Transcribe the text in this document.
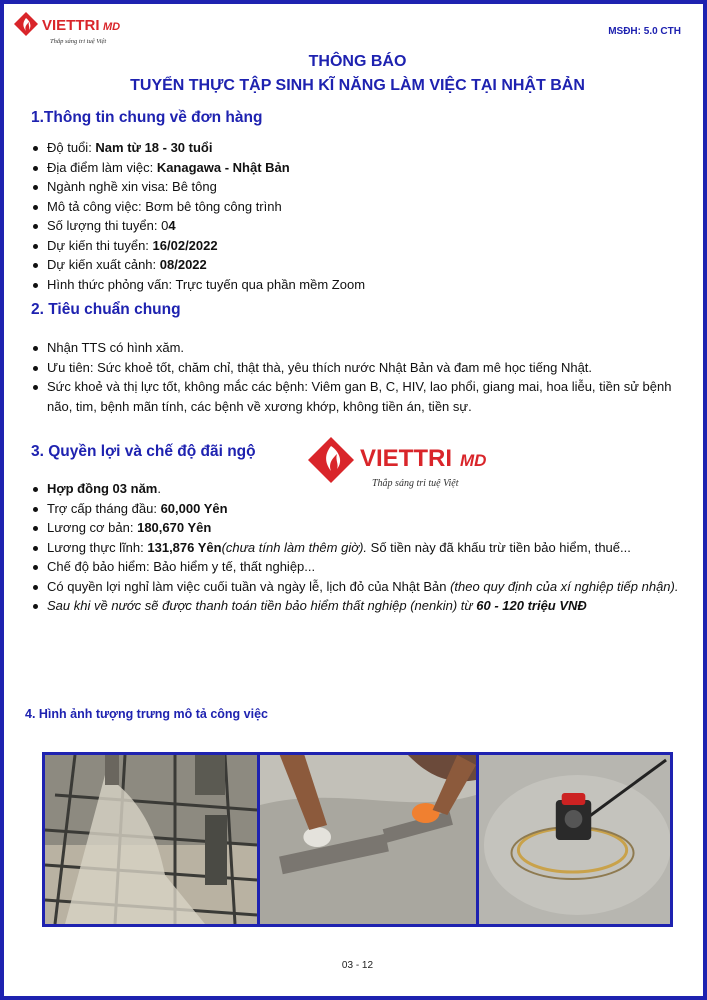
VIETTRI MD
Thắp sáng tri tuệ Việt
MSĐH: 5.0 CTH
THÔNG BÁO
TUYỂN THỰC TẬP SINH KĨ NĂNG LÀM VIỆC TẠI NHẬT BẢN
1.Thông tin chung về đơn hàng
Độ tuổi: Nam từ 18 - 30 tuổi
Địa điểm làm việc: Kanagawa - Nhật Bản
Ngành nghề xin visa: Bê tông
Mô tả công việc: Bơm bê tông công trình
Số lượng thi tuyển: 04
Dự kiến thi tuyển: 16/02/2022
Dự kiến xuất cảnh: 08/2022
Hình thức phỏng vấn: Trực tuyến qua phần mềm Zoom
2. Tiêu chuẩn chung
Nhận TTS có hình xăm.
Ưu tiên: Sức khoẻ tốt, chăm chỉ, thật thà, yêu thích nước Nhật Bản và đam mê học tiếng Nhật.
Sức khoẻ và thị lực tốt, không mắc các bệnh: Viêm gan B, C, HIV, lao phổi, giang mai, hoa liễu, tiền sử bệnh não, tim, bệnh mãn tính, các bệnh về xương khớp, không tiền án, tiền sự.
3. Quyền lợi và chế độ đãi ngộ	VIETTRI MD
Thắp sáng tri tuệ Việt
Hợp đồng 03 năm.
Trợ cấp tháng đầu: 60,000 Yên
Lương cơ bản: 180,670 Yên
Lương thực lĩnh: 131,876 Yên(chưa tính làm thêm giờ). Số tiền này đã khấu trừ tiền bảo hiểm, thuế...
Chế độ bảo hiểm: Bảo hiểm y tế, thất nghiệp...
Có quyền lợi nghỉ làm việc cuối tuần và ngày lễ, lịch đỏ của Nhật Bản (theo quy định của xí nghiệp tiếp nhận).
Sau khi về nước sẽ được thanh toán tiền bảo hiểm thất nghiệp (nenkin) từ 60 - 120 triệu VNĐ
4. Hình ảnh tượng trưng mô tả công việc
03 - 12
